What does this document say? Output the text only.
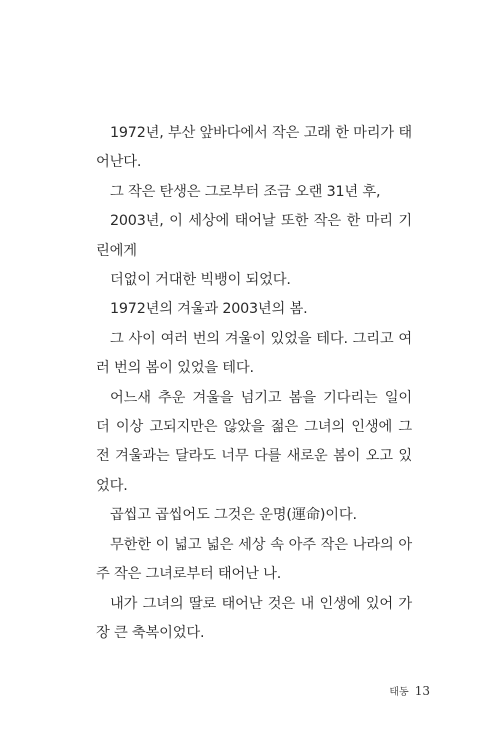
1972년, 부산 앞바다에서 작은 고래 한 마리가 태어난다.

그 작은 탄생은 그로부터 조금 오랜 31년 후,

2003년, 이 세상에 태어날 또한 작은 한 마리 기린에게

더없이 거대한 빅뱅이 되었다.

1972년의 겨울과 2003년의 봄.

그 사이 여러 번의 겨울이 있었을 테다. 그리고 여러 번의 봄이 있었을 테다.

어느새 추운 겨울을 넘기고 봄을 기다리는 일이 더 이상 고되지만은 않았을 젊은 그녀의 인생에 그 전 겨울과는 달라도 너무 다를 새로운 봄이 오고 있었다.

곱씹고 곱씹어도 그것은 운명(運命)이다.

무한한 이 넓고 넓은 세상 속 아주 작은 나라의 아주 작은 그녀로부터 태어난 나.

내가 그녀의 딸로 태어난 것은 내 인생에 있어 가장 큰 축복이었다.

태동 13
